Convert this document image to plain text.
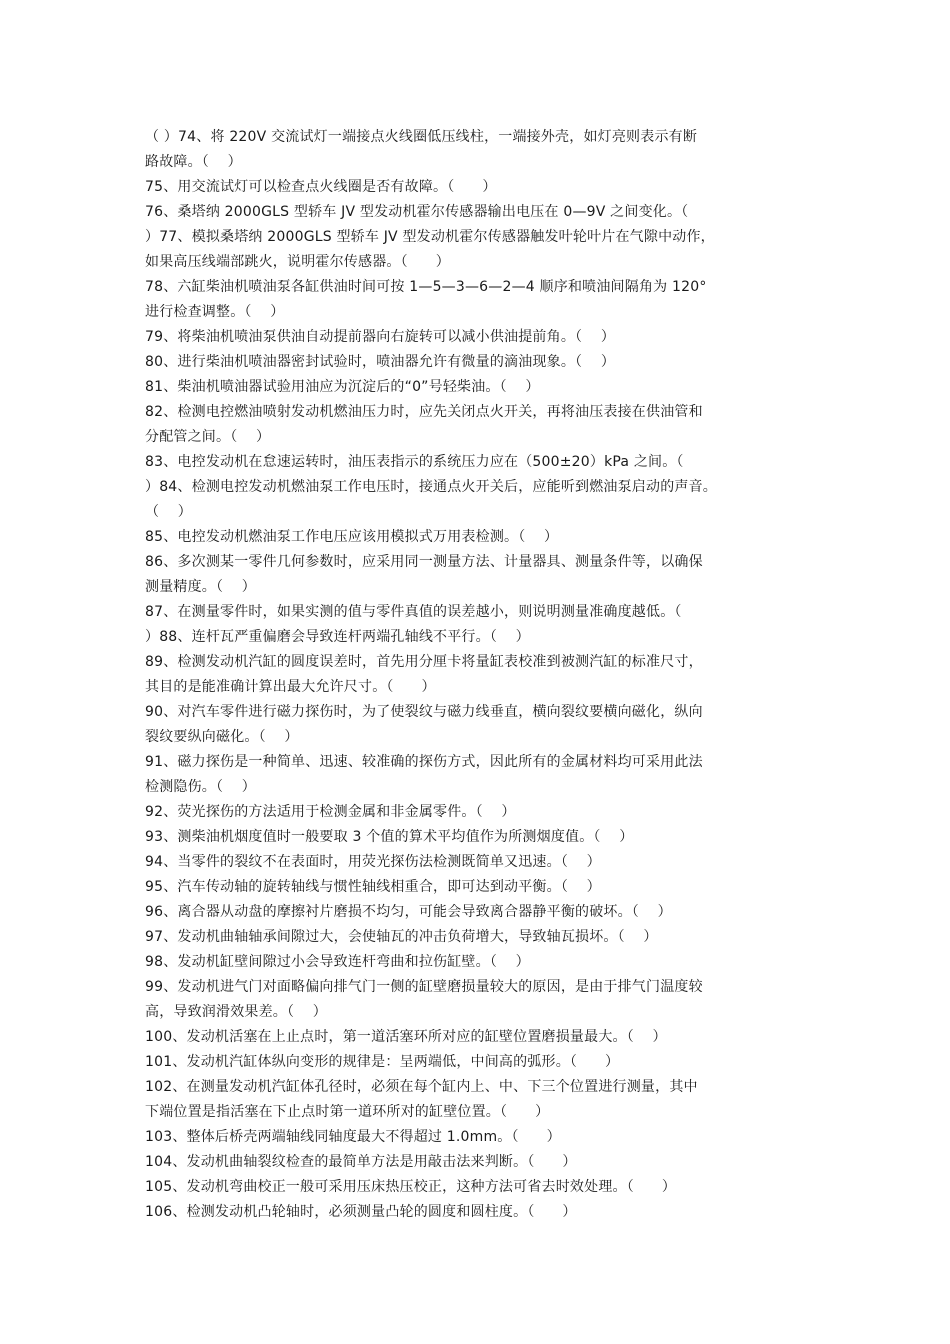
（ ）74、将 220V 交流试灯一端接点火线圈低压线柱，一端接外壳，如灯亮则表示有断
路故障。（    ）
75、用交流试灯可以检查点火线圈是否有故障。（      ）
76、桑塔纳 2000GLS 型轿车 JV 型发动机霍尔传感器输出电压在 0—9V 之间变化。（
）77、模拟桑塔纳 2000GLS 型轿车 JV 型发动机霍尔传感器触发叶轮叶片在气隙中动作，
如果高压线端部跳火，说明霍尔传感器。（      ）
78、六缸柴油机喷油泵各缸供油时间可按 1—5—3—6—2—4 顺序和喷油间隔角为 120°
进行检查调整。（    ）
79、将柴油机喷油泵供油自动提前器向右旋转可以减小供油提前角。（    ）
80、进行柴油机喷油器密封试验时，喷油器允许有微量的滴油现象。（    ）
81、柴油机喷油器试验用油应为沉淀后的“0”号轻柴油。（    ）
82、检测电控燃油喷射发动机燃油压力时，应先关闭点火开关，再将油压表接在供油管和
分配管之间。（    ）
83、电控发动机在怠速运转时，油压表指示的系统压力应在（500±20）kPa 之间。（
）84、检测电控发动机燃油泵工作电压时，接通点火开关后，应能听到燃油泵启动的声音。
（    ）
85、电控发动机燃油泵工作电压应该用模拟式万用表检测。（    ）
86、多次测某一零件几何参数时，应采用同一测量方法、计量器具、测量条件等，以确保
测量精度。（    ）
87、在测量零件时，如果实测的值与零件真值的误差越小，则说明测量准确度越低。（
）88、连杆瓦严重偏磨会导致连杆两端孔轴线不平行。（    ）
89、检测发动机汽缸的圆度误差时，首先用分厘卡将量缸表校准到被测汽缸的标准尺寸，
其目的是能准确计算出最大允许尺寸。（      ）
90、对汽车零件进行磁力探伤时，为了使裂纹与磁力线垂直，横向裂纹要横向磁化，纵向
裂纹要纵向磁化。（    ）
91、磁力探伤是一种简单、迅速、较准确的探伤方式，因此所有的金属材料均可采用此法
检测隐伤。（    ）
92、荧光探伤的方法适用于检测金属和非金属零件。（    ）
93、测柴油机烟度值时一般要取 3 个值的算术平均值作为所测烟度值。（    ）
94、当零件的裂纹不在表面时，用荧光探伤法检测既简单又迅速。（    ）
95、汽车传动轴的旋转轴线与惯性轴线相重合，即可达到动平衡。（    ）
96、离合器从动盘的摩擦衬片磨损不均匀，可能会导致离合器静平衡的破坏。（    ）
97、发动机曲轴轴承间隙过大，会使轴瓦的冲击负荷增大，导致轴瓦损坏。（    ）
98、发动机缸壁间隙过小会导致连杆弯曲和拉伤缸壁。（    ）
99、发动机进气门对面略偏向排气门一侧的缸壁磨损量较大的原因，是由于排气门温度较
高，导致润滑效果差。（    ）
100、发动机活塞在上止点时，第一道活塞环所对应的缸壁位置磨损量最大。（    ）
101、发动机汽缸体纵向变形的规律是：呈两端低，中间高的弧形。（      ）
102、在测量发动机汽缸体孔径时，必须在每个缸内上、中、下三个位置进行测量，其中
下端位置是指活塞在下止点时第一道环所对的缸壁位置。（      ）
103、整体后桥壳两端轴线同轴度最大不得超过 1.0mm。（      ）
104、发动机曲轴裂纹检查的最简单方法是用敲击法来判断。（      ）
105、发动机弯曲校正一般可采用压床热压校正，这种方法可省去时效处理。（      ）
106、检测发动机凸轮轴时，必须测量凸轮的圆度和圆柱度。（      ）
